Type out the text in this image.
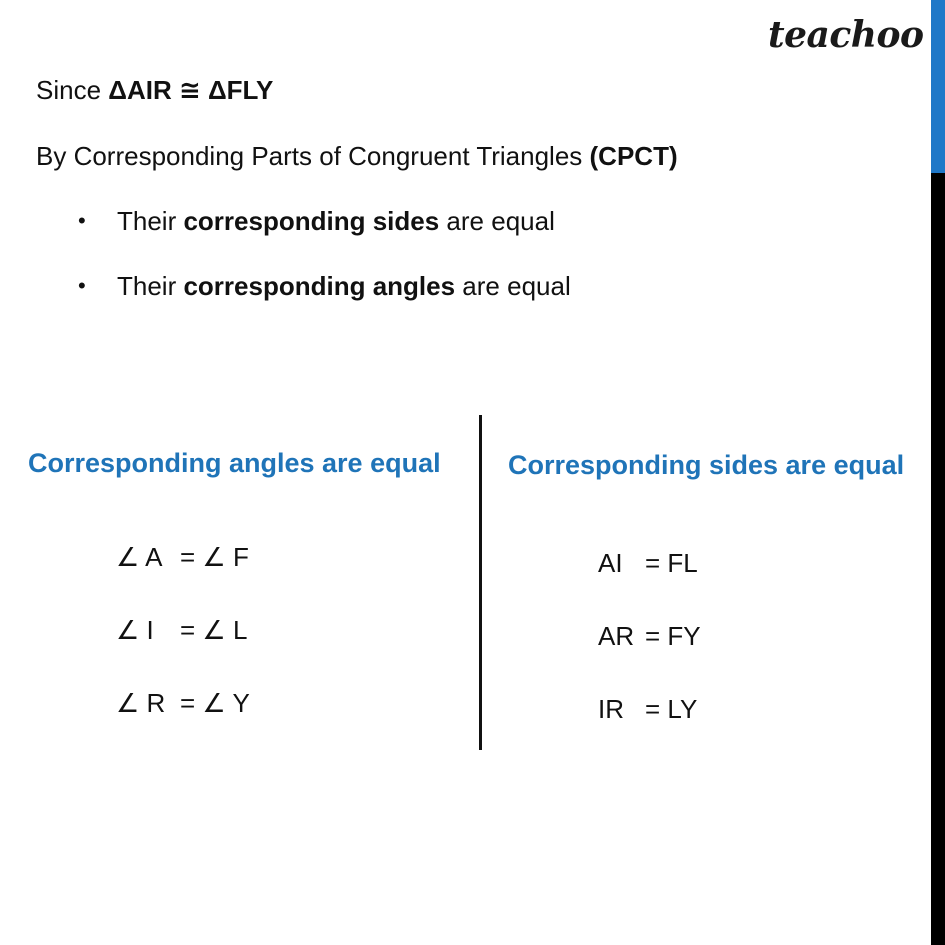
teachoo
Since ΔAIR ≅ ΔFLY
By Corresponding Parts of Congruent Triangles (CPCT)
• Their corresponding sides are equal
• Their corresponding angles are equal
Corresponding angles are equal Corresponding sides are equal
∠ A = ∠ F
∠ I = ∠ L
∠ R = ∠ Y
AI = FL
AR = FY
IR = LY
